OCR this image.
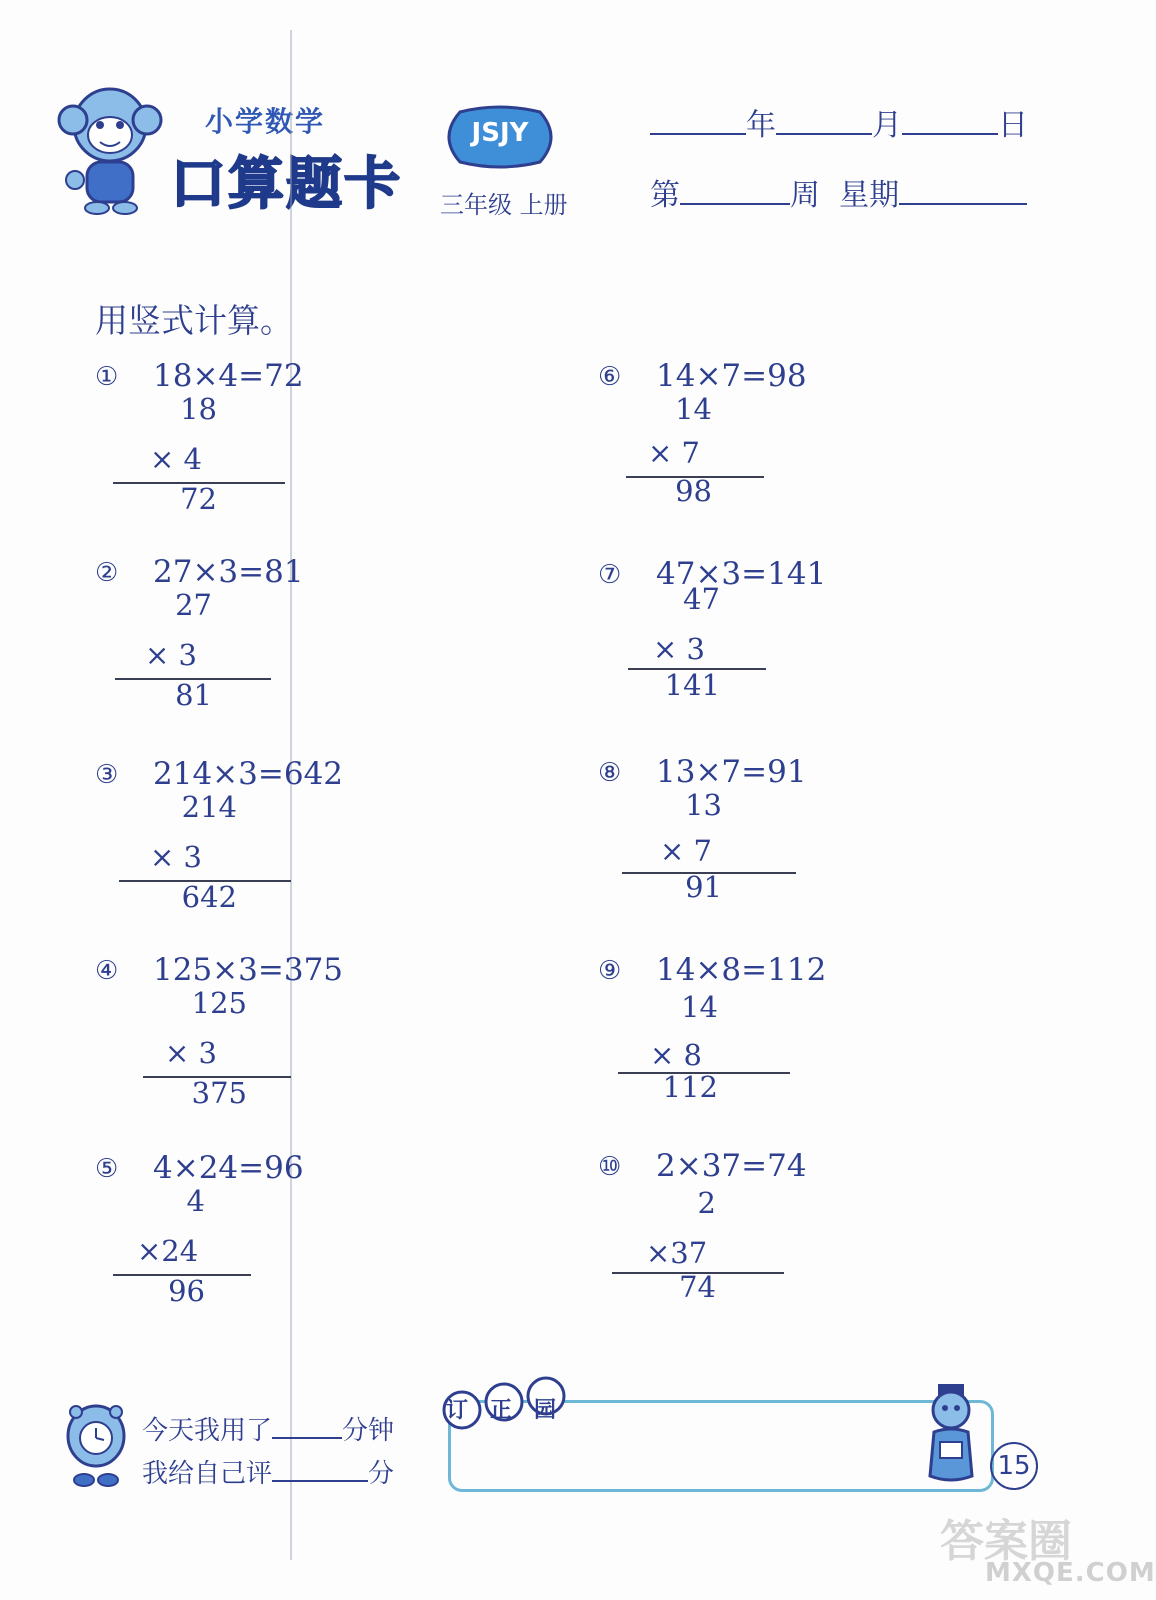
小学数学
口算题卡
JSJY
三年级 上册
年	月	日
第	周 星期
用竖式计算。
① 18×4=72
18
× 4
72
② 27×3=81
27
× 3
81
③ 214×3=642
214
× 3
642
④ 125×3=375
125
× 3
375
⑤ 4×24=96
4
×24
96
⑥ 14×7=98
14
× 7
98
⑦ 47×3=141
47
× 3
141
⑧ 13×7=91
13
× 7
91
⑨ 14×8=112
14
× 8
112
⑩ 2×37=74
2
×37
74
今天我用了	分钟
我给自己评	分
订正园
15
答案圈
MXQE.COM
